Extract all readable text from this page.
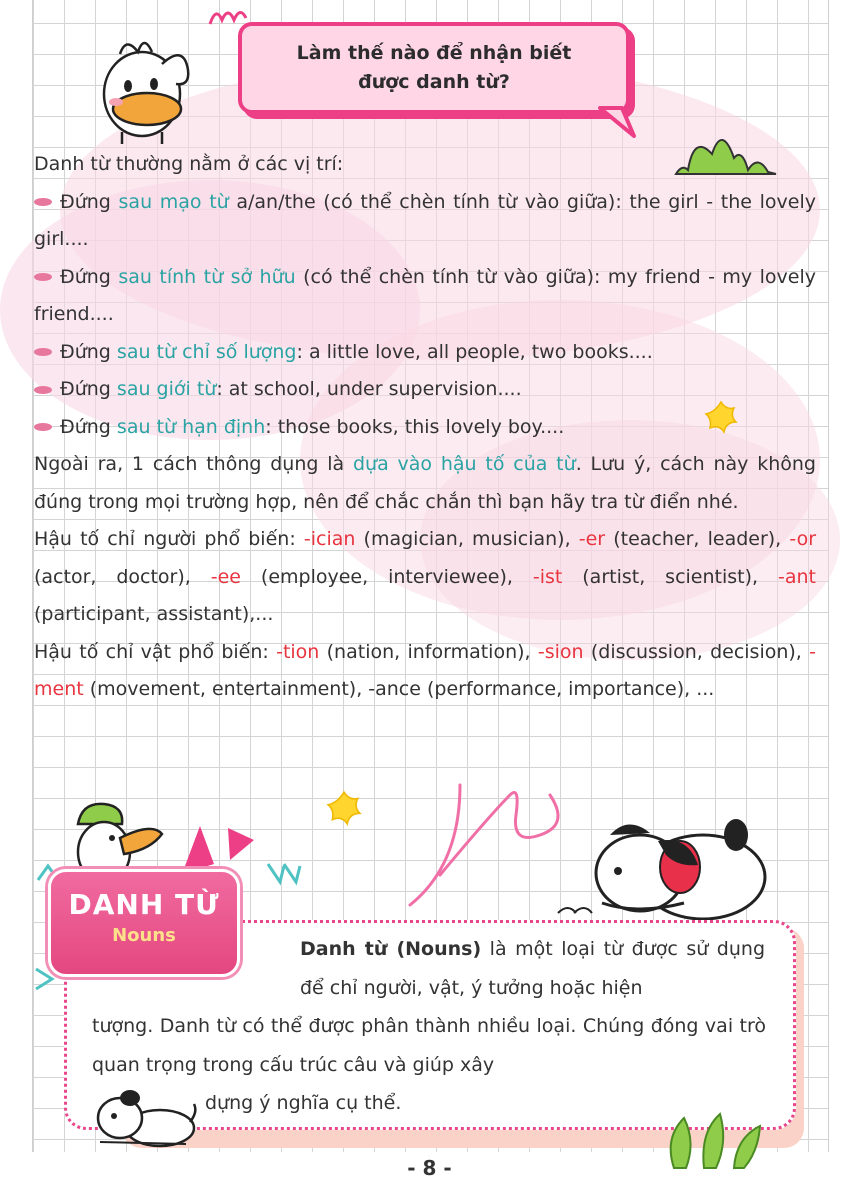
Làm thế nào để nhận biết
được danh từ?

Danh từ thường nằm ở các vị trí:

Đứng sau mạo từ a/an/the (có thể chèn tính từ vào giữa): the girl - the lovely girl....

Đứng sau tính từ sở hữu (có thể chèn tính từ vào giữa): my friend - my lovely friend....

Đứng sau từ chỉ số lượng: a little love, all people, two books....

Đứng sau giới từ: at school, under supervision....

Đứng sau từ hạn định: those books, this lovely boy....

Ngoài ra, 1 cách thông dụng là dựa vào hậu tố của từ. Lưu ý, cách này không đúng trong mọi trường hợp, nên để chắc chắn thì bạn hãy tra từ điển nhé.

Hậu tố chỉ người phổ biến: -ician (magician, musician), -er (teacher, leader), -or (actor, doctor), -ee (employee, interviewee), -ist (artist, scientist), -ant (participant, assistant),...

Hậu tố chỉ vật phổ biến: -tion (nation, information), -sion (discussion, decision), -ment (movement, entertainment), -ance (performance, importance), ...

DANH TỪ
Nouns
Danh từ (Nouns) là một loại từ được sử dụng để chỉ người, vật, ý tưởng hoặc hiện
tượng. Danh từ có thể được phân thành nhiều loại. Chúng đóng vai trò quan trọng trong cấu trúc câu và giúp xây
dựng ý nghĩa cụ thể.
- 8 -
